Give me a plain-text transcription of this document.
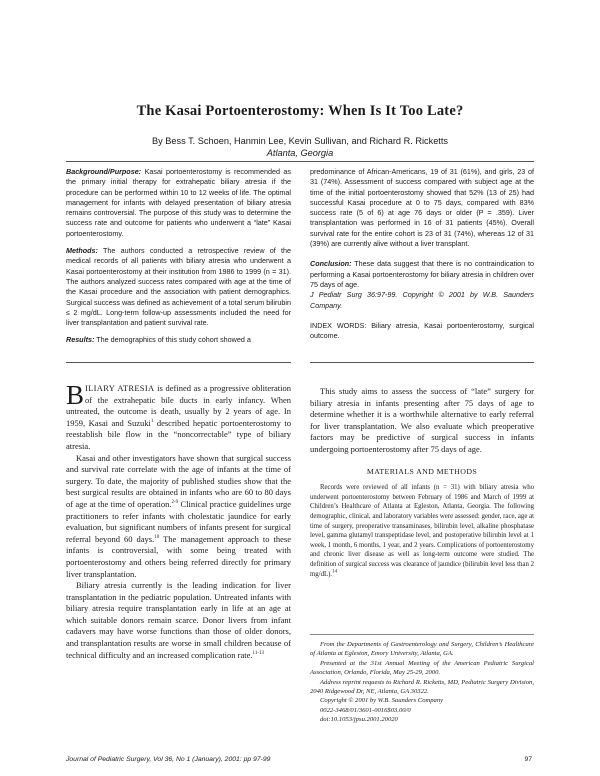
The Kasai Portoenterostomy: When Is It Too Late?
By Bess T. Schoen, Hanmin Lee, Kevin Sullivan, and Richard R. Ricketts
Atlanta, Georgia

Background/Purpose: Kasai portoenterostomy is recommended as the primary initial therapy for extrahepatic biliary atresia if the procedure can be performed within 10 to 12 weeks of life. The optimal management for infants with delayed presentation of biliary atresia remains controversial. The purpose of this study was to determine the success rate and outcome for patients who underwent a “late” Kasai portoenterostomy.

Methods: The authors conducted a retrospective review of the medical records of all patients with biliary atresia who underwent a Kasai portoenterostomy at their institution from 1986 to 1999 (n = 31). The authors analyzed success rates compared with age at the time of the Kasai procedure and the association with patient demographics. Surgical success was defined as achievement of a total serum bilirubin ≤ 2 mg/dL. Long-term follow-up assessments included the need for liver transplantation and patient survival rate.

Results: The demographics of this study cohort showed a

predominance of African-Americans, 19 of 31 (61%), and girls, 23 of 31 (74%). Assessment of success compared with subject age at the time of the initial portoenterostomy showed that 52% (13 of 25) had successful Kasai procedure at 0 to 75 days, compared with 83% success rate (5 of 6) at age 76 days or older (P = .359). Liver transplantation was performed in 16 of 31 patients (45%). Overall survival rate for the entire cohort is 23 of 31 (74%), whereas 12 of 31 (39%) are currently alive without a liver transplant.

Conclusion: These data suggest that there is no contraindication to performing a Kasai portoenterostomy for biliary atresia in children over 75 days of age.
J Pediatr Surg 36:97-99. Copyright © 2001 by W.B. Saunders Company.

INDEX WORDS: Biliary atresia, Kasai portoenterostomy, surgical outcome.

BILIARY ATRESIA is defined as a progressive obliteration of the extrahepatic bile ducts in early infancy. When untreated, the outcome is death, usually by 2 years of age. In 1959, Kasai and Suzuki$^1$ described hepatic portoenterostomy to reestablish bile flow in the “noncorrectable” type of biliary atresia.

Kasai and other investigators have shown that surgical success and survival rate correlate with the age of infants at the time of surgery. To date, the majority of published studies show that the best surgical results are obtained in infants who are 60 to 80 days of age at the time of operation.$^{2-9}$ Clinical practice guidelines urge practitioners to refer infants with cholestatic jaundice for early evaluation, but significant numbers of infants present for surgical referral beyond 60 days.$^{10}$ The management approach to these infants is controversial, with some being treated with portoenterostomy and others being referred directly for primary liver transplantation.

Biliary atresia currently is the leading indication for liver transplantation in the pediatric population. Untreated infants with biliary atresia require transplantation early in life at an age at which suitable donors remain scarce. Donor livers from infant cadavers may have worse functions than those of older donors, and transplantation results are worse in small children because of technical difficulty and an increased complication rate.$^{11-13}$

This study aims to assess the success of “late” surgery for biliary atresia in infants presenting after 75 days of age to determine whether it is a worthwhile alternative to early referral for liver transplantation. We also evaluate which preoperative factors may be predictive of surgical success in infants undergoing portoenterostomy after 75 days of age.

MATERIALS AND METHODS

Records were reviewed of all infants (n = 31) with biliary atresia who underwent portoenterostomy between February of 1986 and March of 1999 at Children’s Healthcare of Atlanta at Egleston, Atlanta, Georgia. The following demographic, clinical, and laboratory variables were assessed: gender, race, age at time of surgery, preoperative transaminases, bilirubin level, alkaline phosphatase level, gamma glutamyl transpeptidase level, and postoperative bilirubin level at 1 week, 1 month, 6 months, 1 year, and 2 years. Complications of portoenterostomy and chronic liver disease as well as long-term outcome were studied. The definition of surgical success was clearance of jaundice (bilirubin level less than 2 mg/dL).$^{14}$

From the Departments of Gastroenterology and Surgery, Children’s Healthcare of Atlanta at Egleston, Emory University, Atlanta, GA.

Presented at the 31st Annual Meeting of the American Pediatric Surgical Association, Orlando, Florida, May 25-29, 2000.

Address reprint requests to Richard R. Ricketts, MD, Pediatric Surgery Division, 2040 Ridgewood Dr, NE, Atlanta, GA 30322.

Copyright © 2001 by W.B. Saunders Company

0022-3468/01/3601-0016$03.00/0

doi:10.1053/jpsu.2001.20020

Journal of Pediatric Surgery, Vol 36, No 1 (January), 2001: pp 97-99	97
